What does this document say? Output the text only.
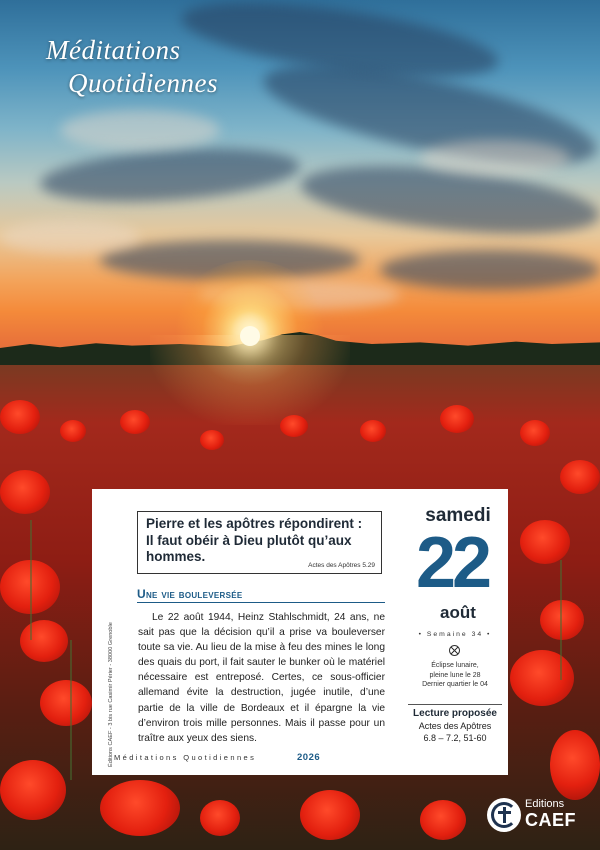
Méditations
Quotidiennes
Pierre et les apôtres répondirent : Il faut obéir à Dieu plutôt qu’aux hommes.
Actes des Apôtres 5.29
Éditions CAEF - 3 bis rue Casimir Périer - 38000 Grenoble
Une vie bouleversée
Le 22 août 1944, Heinz Stahlschmidt, 24 ans, ne sait pas que la décision qu’il a prise va bouleverser toute sa vie. Au lieu de la mise à feu des mines le long des quais du port, il fait sauter le bunker où le matériel nécessaire est entreposé. Certes, ce sous-officier allemand évite la destruction, jugée inutile, d’une partie de la ville de Bordeaux et il épargne la vie d’environ trois mille personnes. Mais il passe pour un traître aux yeux des siens.
Méditations Quotidiennes	2026
samedi
22
août
• Semaine 34 •
Éclipse lunaire,
pleine lune le 28
Dernier quartier le 04
Lecture proposée
Actes des Apôtres
6.8 – 7.2, 51-60
Editions
CAEF
